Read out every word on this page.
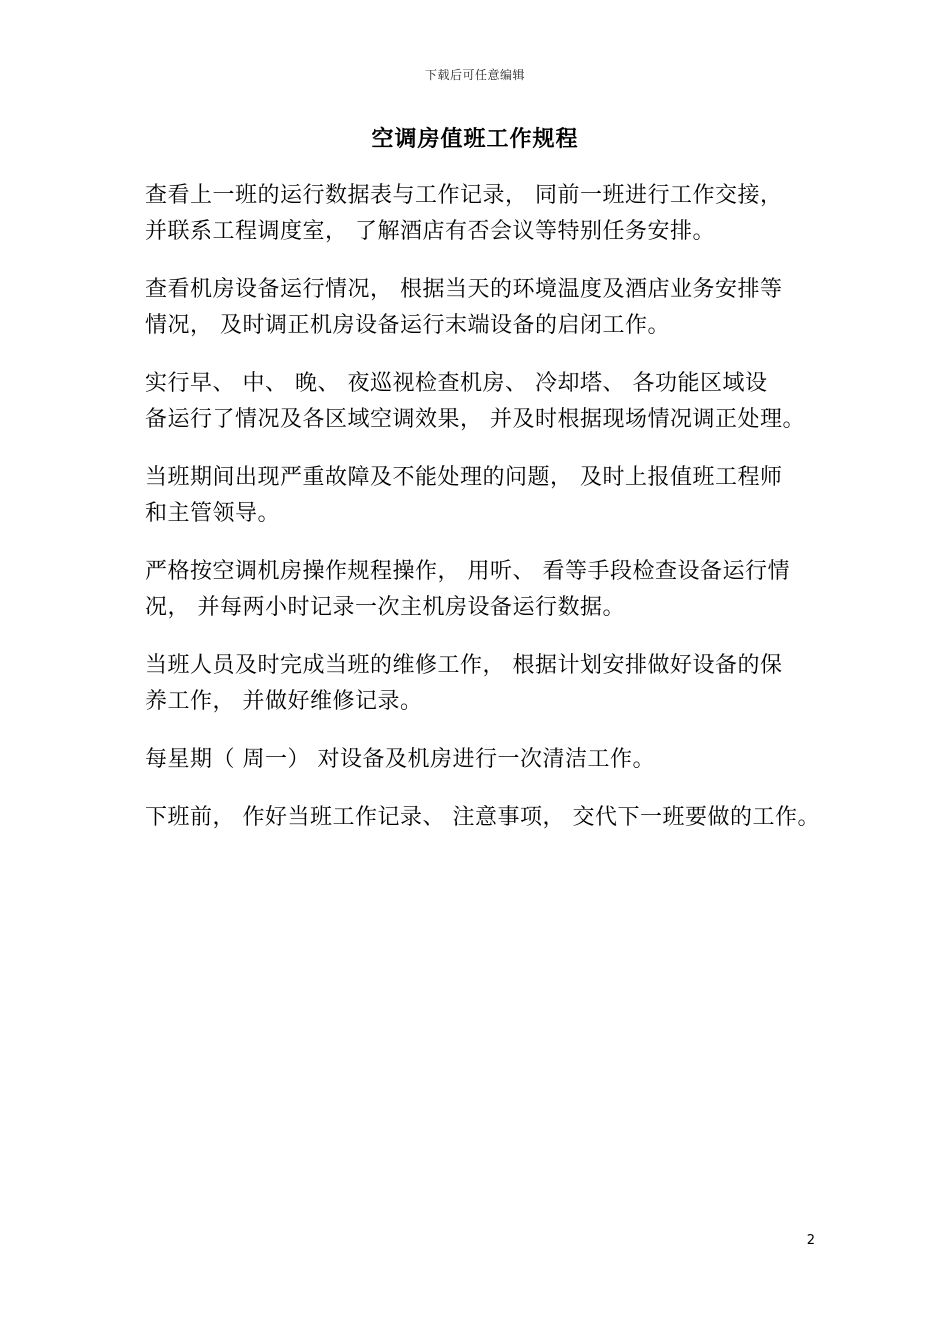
下载后可任意编辑
空调房值班工作规程

查看上一班的运行数据表与工作记录， 同前一班进行工作交接，
并联系工程调度室， 了解酒店有否会议等特别任务安排。

查看机房设备运行情况， 根据当天的环境温度及酒店业务安排等
情况， 及时调正机房设备运行末端设备的启闭工作。

实行早、 中、 晚、 夜巡视检查机房、 冷却塔、 各功能区域设
备运行了情况及各区域空调效果， 并及时根据现场情况调正处理。

当班期间出现严重故障及不能处理的问题， 及时上报值班工程师
和主管领导。

严格按空调机房操作规程操作， 用听、 看等手段检查设备运行情
况， 并每两小时记录一次主机房设备运行数据。

当班人员及时完成当班的维修工作， 根据计划安排做好设备的保
养工作， 并做好维修记录。

每星期（ 周一） 对设备及机房进行一次清洁工作。

下班前， 作好当班工作记录、 注意事项， 交代下一班要做的工作。

2
